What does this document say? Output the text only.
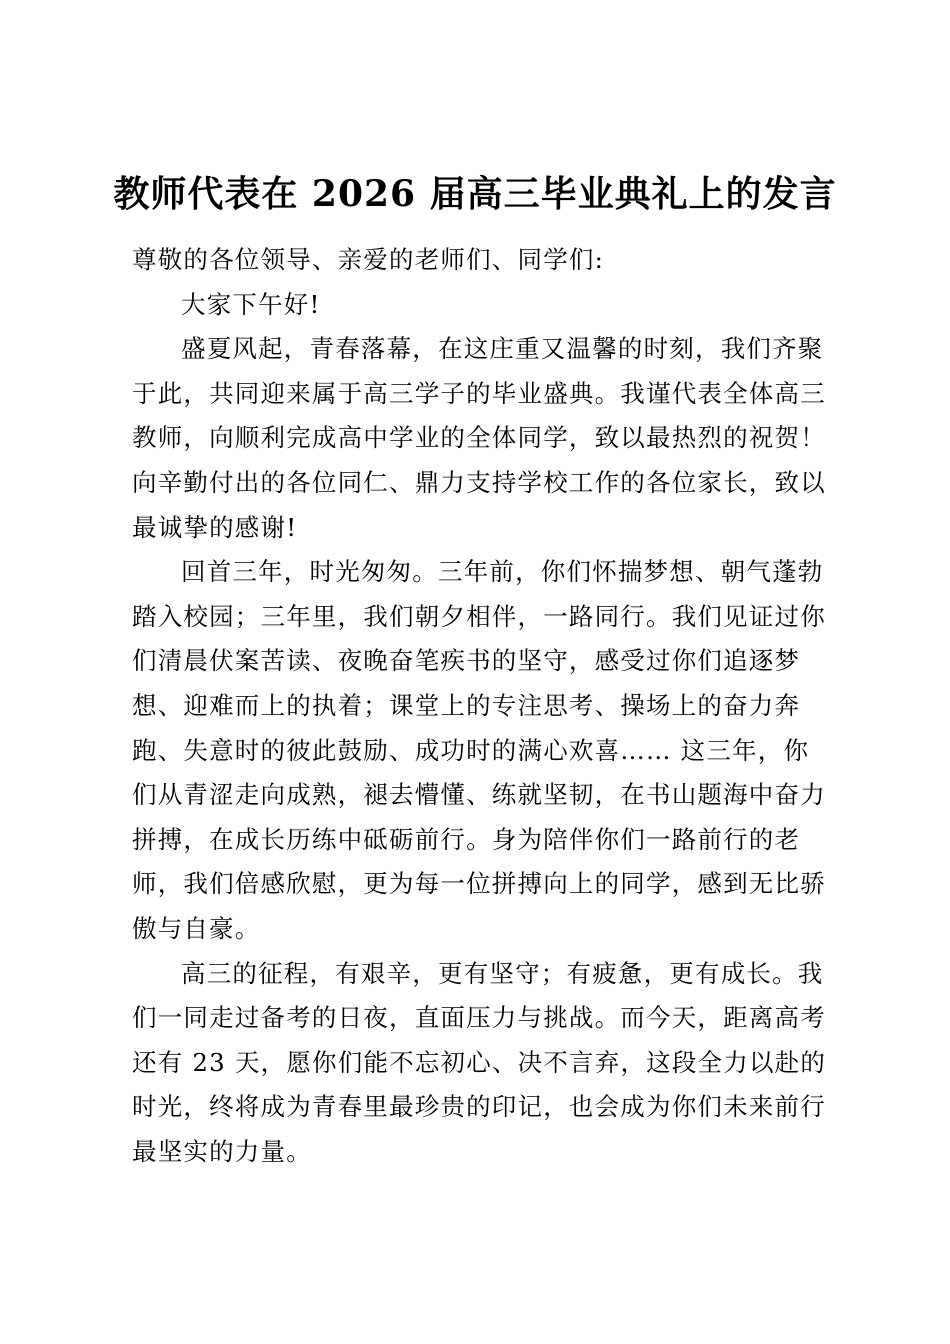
教师代表在 2026 届高三毕业典礼上的发言

尊敬的各位领导、亲爱的老师们、同学们:

大家下午好!

盛夏风起，青春落幕，在这庄重又温馨的时刻，我们齐聚于此，共同迎来属于高三学子的毕业盛典。我谨代表全体高三教师，向顺利完成高中学业的全体同学，致以最热烈的祝贺！向辛勤付出的各位同仁、鼎力支持学校工作的各位家长，致以最诚挚的感谢!

回首三年，时光匆匆。三年前，你们怀揣梦想、朝气蓬勃踏入校园；三年里，我们朝夕相伴，一路同行。我们见证过你们清晨伏案苦读、夜晚奋笔疾书的坚守，感受过你们追逐梦想、迎难而上的执着；课堂上的专注思考、操场上的奋力奔跑、失意时的彼此鼓励、成功时的满心欢喜…… 这三年，你们从青涩走向成熟，褪去懵懂、练就坚韧，在书山题海中奋力拼搏，在成长历练中砥砺前行。身为陪伴你们一路前行的老师，我们倍感欣慰，更为每一位拼搏向上的同学，感到无比骄傲与自豪。

高三的征程，有艰辛，更有坚守；有疲惫，更有成长。我们一同走过备考的日夜，直面压力与挑战。而今天，距离高考还有 23 天，愿你们能不忘初心、决不言弃，这段全力以赴的时光，终将成为青春里最珍贵的印记，也会成为你们未来前行最坚实的力量。
